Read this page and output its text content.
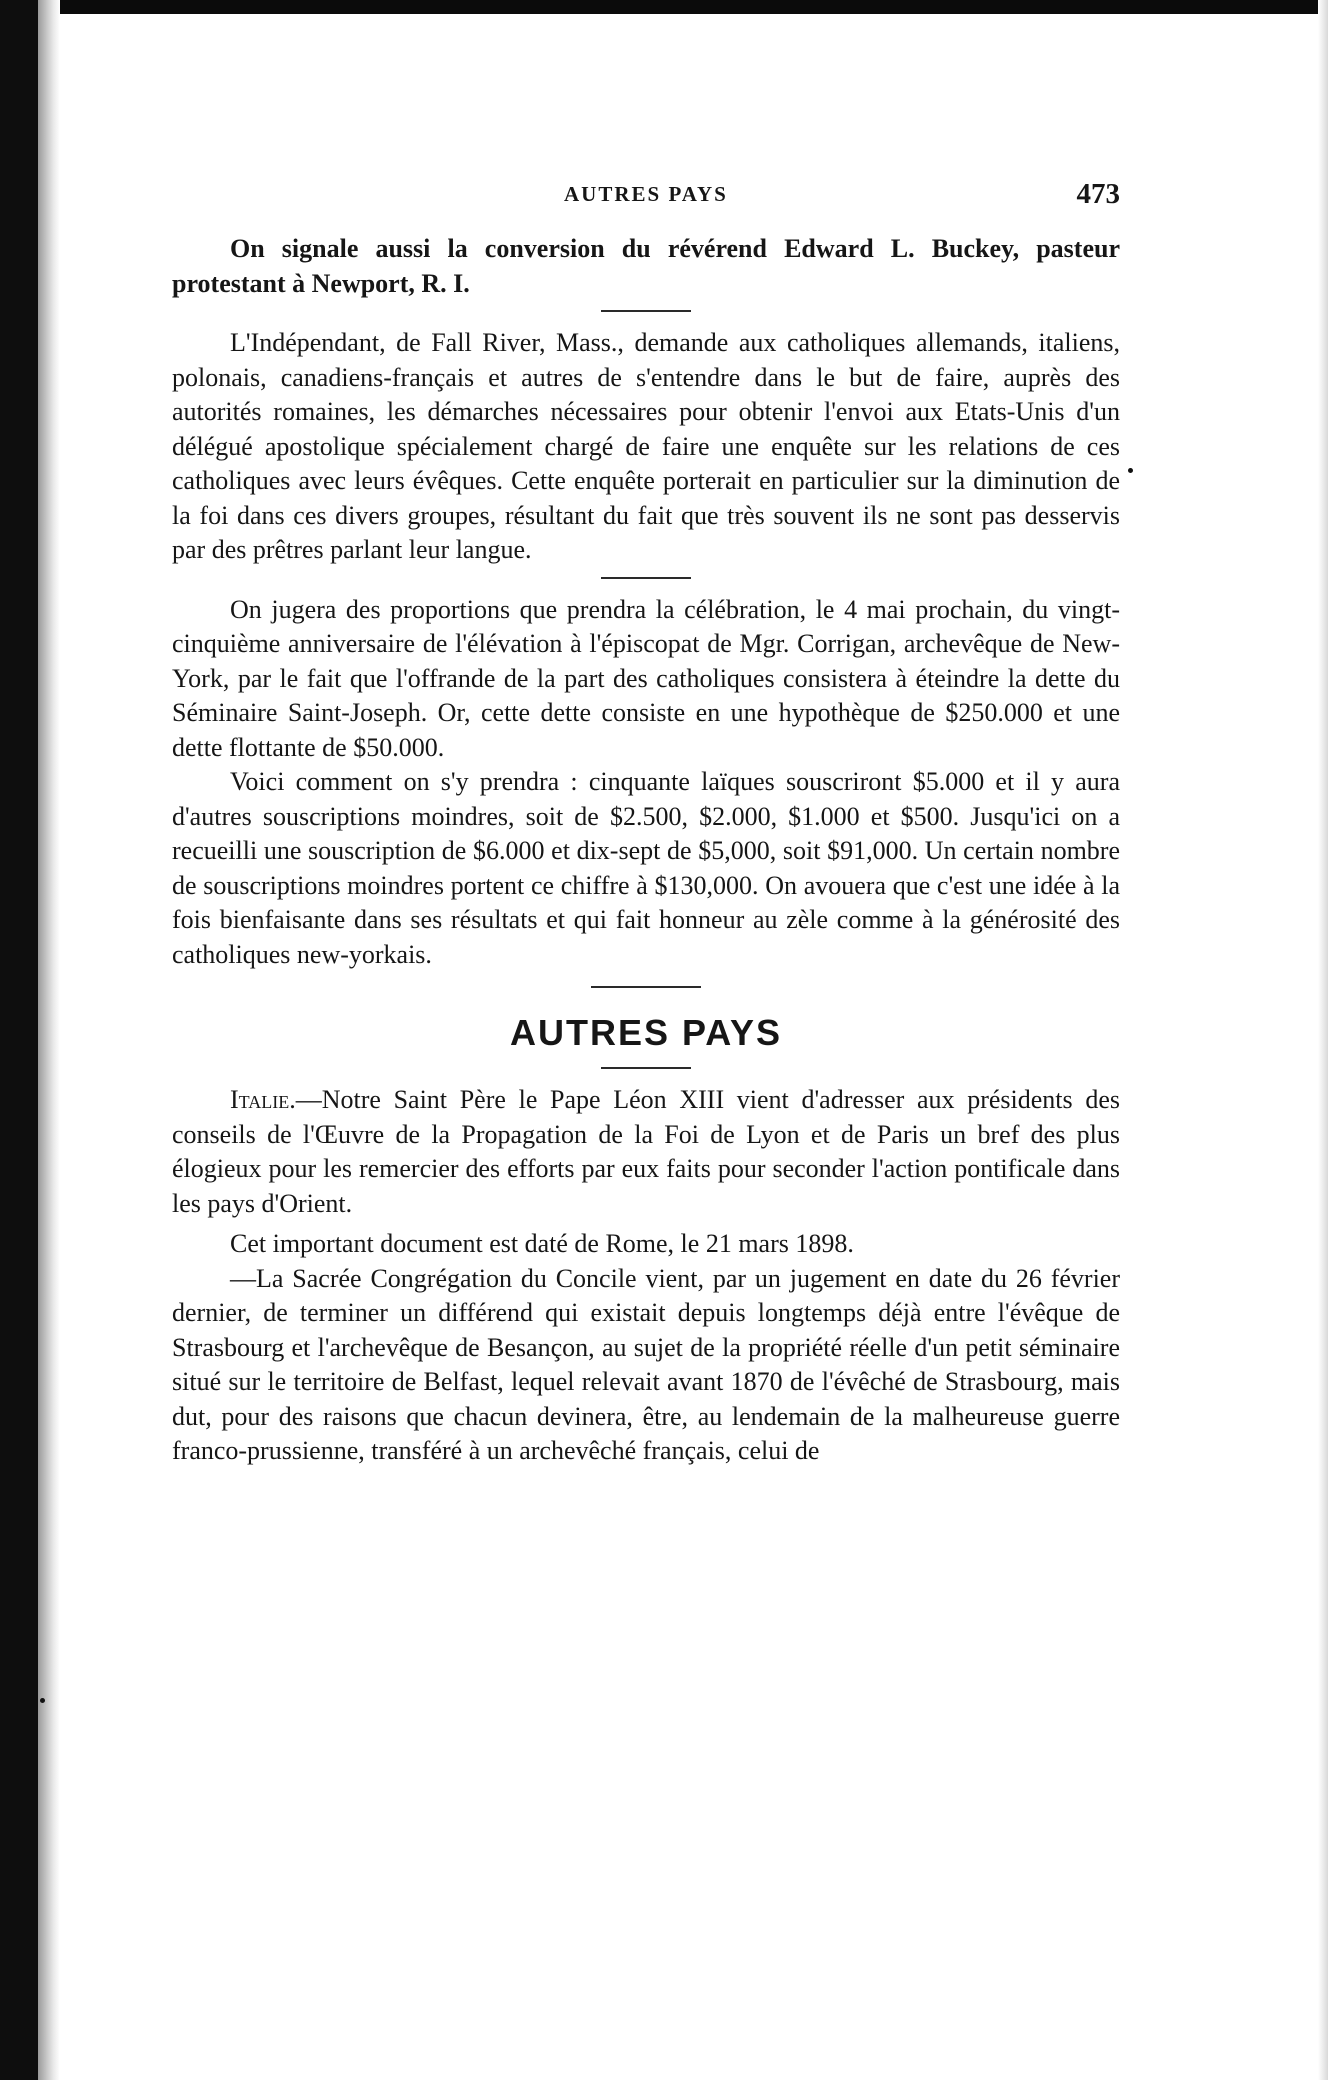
AUTRES PAYS	473

On signale aussi la conversion du révérend Edward L. Buckey, pasteur protestant à Newport, R. I.

L'Indépendant, de Fall River, Mass., demande aux catholiques allemands, italiens, polonais, canadiens-français et autres de s'entendre dans le but de faire, auprès des autorités romaines, les démarches nécessaires pour obtenir l'envoi aux Etats-Unis d'un délégué apostolique spécialement chargé de faire une enquête sur les relations de ces catholiques avec leurs évêques. Cette enquête porterait en particulier sur la diminution de la foi dans ces divers groupes, résultant du fait que très souvent ils ne sont pas desservis par des prêtres parlant leur langue.

On jugera des proportions que prendra la célébration, le 4 mai prochain, du vingt-cinquième anniversaire de l'élévation à l'épiscopat de Mgr. Corrigan, archevêque de New-York, par le fait que l'offrande de la part des catholiques consistera à éteindre la dette du Séminaire Saint-Joseph. Or, cette dette consiste en une hypothèque de $250.000 et une dette flottante de $50.000.

Voici comment on s'y prendra : cinquante laïques souscriront $5.000 et il y aura d'autres souscriptions moindres, soit de $2.500, $2.000, $1.000 et $500. Jusqu'ici on a recueilli une souscription de $6.000 et dix-sept de $5,000, soit $91,000. Un certain nombre de souscriptions moindres portent ce chiffre à $130,000. On avouera que c'est une idée à la fois bienfaisante dans ses résultats et qui fait honneur au zèle comme à la générosité des catholiques new-yorkais.

AUTRES PAYS

Italie.—Notre Saint Père le Pape Léon XIII vient d'adresser aux présidents des conseils de l'Œuvre de la Propagation de la Foi de Lyon et de Paris un bref des plus élogieux pour les remercier des efforts par eux faits pour seconder l'action pontificale dans les pays d'Orient.

Cet important document est daté de Rome, le 21 mars 1898.

—La Sacrée Congrégation du Concile vient, par un jugement en date du 26 février dernier, de terminer un différend qui existait depuis longtemps déjà entre l'évêque de Strasbourg et l'archevêque de Besançon, au sujet de la propriété réelle d'un petit séminaire situé sur le territoire de Belfast, lequel relevait avant 1870 de l'évêché de Strasbourg, mais dut, pour des raisons que chacun devinera, être, au lendemain de la malheureuse guerre franco-prussienne, transféré à un archevêché français, celui de
